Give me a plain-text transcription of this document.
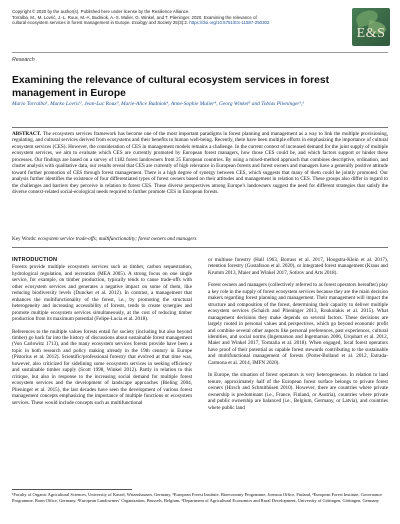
Copyright © 2020 by the author(s). Published here under license by the Resilience Alliance.
Torralba, M., M. Lovrić, J.-L. Roux, M.-A. Budniok, A.-S. Mulier, G. Winkel, and T. Plieninger. 2020. Examining the relevance of
cultural ecosystem services in forest management in Europe. Ecology and Society 25(3):2. https://doi.org/10.5751/ES-11587-250302
E&S
Research
Examining the relevance of cultural ecosystem services in forest management in Europe
Mario Torralba¹, Marko Lovrić², Jean-Luc Roux³, Marie-Alice Budniok⁴, Anne-Sophie Mulier⁴, Georg Winkel⁵ and Tobias Plieninger¹,⁶
ABSTRACT. The ecosystem services framework has become one of the most important paradigms in forest planning and management as a way to link the multiple provisioning, regulating, and cultural services derived from ecosystems and their benefits to human well-being. Recently, there have been multiple efforts in emphasizing the importance of cultural ecosystem services (CES). However, the consideration of CES in management models remains a challenge. In the current context of increased demand for the joint supply of multiple ecosystem services, we aim to evaluate which CES are currently promoted by European forest managers, how those CES could be, and which factors support or hinder these processes. Our findings are based on a survey of 1182 forest landowners from 25 European countries. By using a mixed-method approach that combines descriptive, ordination, and cluster analysis with qualitative data, our results reveal that CES are currently of high relevance in European forests and forest owners and managers have a generally positive attitude toward further promotion of CES through forest management. There is a high degree of synergy between CES, which suggests that many of them could be jointly promoted. Our analysis further identifies the existence of four differentiated types of forest owners based on their attitudes and management in relation to CES. These groups also differ in regard to the challenges and barriers they perceive in relation to forest CES. These diverse perspectives among Europe’s landowners suggest the need for different strategies that satisfy the diverse context-related social-ecological needs required to further promote CES in European forests.
Key Words: ecosystem service trade-offs; multifunctionality; forest owners and managers
INTRODUCTION

Forests provide multiple ecosystem services such as timber, carbon sequestration, hydrological regulation, and recreation (MEA 2005). A strong focus on one single service, for example, on timber production, typically tends to cause trade-offs with other ecosystem services and generates a negative impact on some of them, like reducing biodiversity levels (Duncker et al. 2012). In contrast, a management that enhances the multifunctionality of the forest, i.e., by promoting the structural heterogeneity and increasing accessibility of forests, tends to create synergies and promote multiple ecosystem services simultaneously, at the cost of reducing timber production from its maximum potential (Felipe-Lucia et al. 2018).

References to the multiple values forests entail for society (including but also beyond timber) go back far into the history of discussions about sustainable forest management (Von Carlowitz 1713), and the many ecosystem services forests provide have been a topic in both research and policy making already in the 19th century in Europe (Pistorius et al. 2012). Scientific/professional forestry that evolved at that time was, however, also criticized for sidelining some ecosystem services in seeking efficiency and sustainable timber supply (Scott 1998, Winkel 2012). Partly in relation to this critique, but also in response to the increasing social demand for multiple forest ecosystem services and the development of landscape approaches (Bieling 2004, Plieninger et al. 2015), the last decades have seen the development of various forest management concepts emphasizing the importance of multiple functions or ecosystem services. These would include concepts such as multifunctional

or multiuse forestry (Hall 1963, Borrass et al. 2017, Hoogstra-Klein et al. 2017), retention forestry (Gustafsson et al. 2020), or integrated forest management (Kraus and Krumm 2013, Maier and Winkel 2017, Sotirov and Arts 2018).

Forest owners and managers (collectively referred to as forest operators hereafter) play a key role in the supply of forest ecosystem services because they are the main decision makers regarding forest planning and management. Their management will impact the structure and composition of the forest, determining their capacity to deliver multiple ecosystem services (Schaich and Plieninger 2013, Roukolakis et al. 2015). What management decisions they make depends on several factors. These decisions are largely rooted in personal values and perspectives, which go beyond economic profit and combine several other aspects like personal preferences, past experiences, cultural identities, and social norms (Ingemarson and Ingemarson 2006, Urquhart et al. 2012, Maier and Winkel 2017, Tormalia et al. 2018). When engaged, local forest operators have proof of their potential as capable forest stewards contributing to the sustainable and multifunctional management of forests (Porter-Bolland et al. 2012, Estrada-Carmona et al. 2014, IMFN 2020).

In Europe, the situation of forest operators is very heterogeneous. In relation to land tenure, approximately half of the European forest surface belongs to private forest owners (Hirsch and Schmithüsen 2010). However, there are countries where private ownership is predominant (i.e., France, Finland, or Austria), countries where private and public ownership are balanced (i.e., Belgium, Germany, or Latvia), and countries where public land

¹Faculty of Organic Agricultural Sciences, University of Kassel, Witzenhausen, Germany, ²European Forest Institute, Bioeconomy Programme, Joensuu Office, Finland, ³European Forest Institute, Governance Programme, Bonn Office, Germany, ⁴European Landowners’ Organization, Brussels, Belgium, ⁵Department of Agricultural Economics and Rural Development, University of Göttingen, Göttingen, Germany
